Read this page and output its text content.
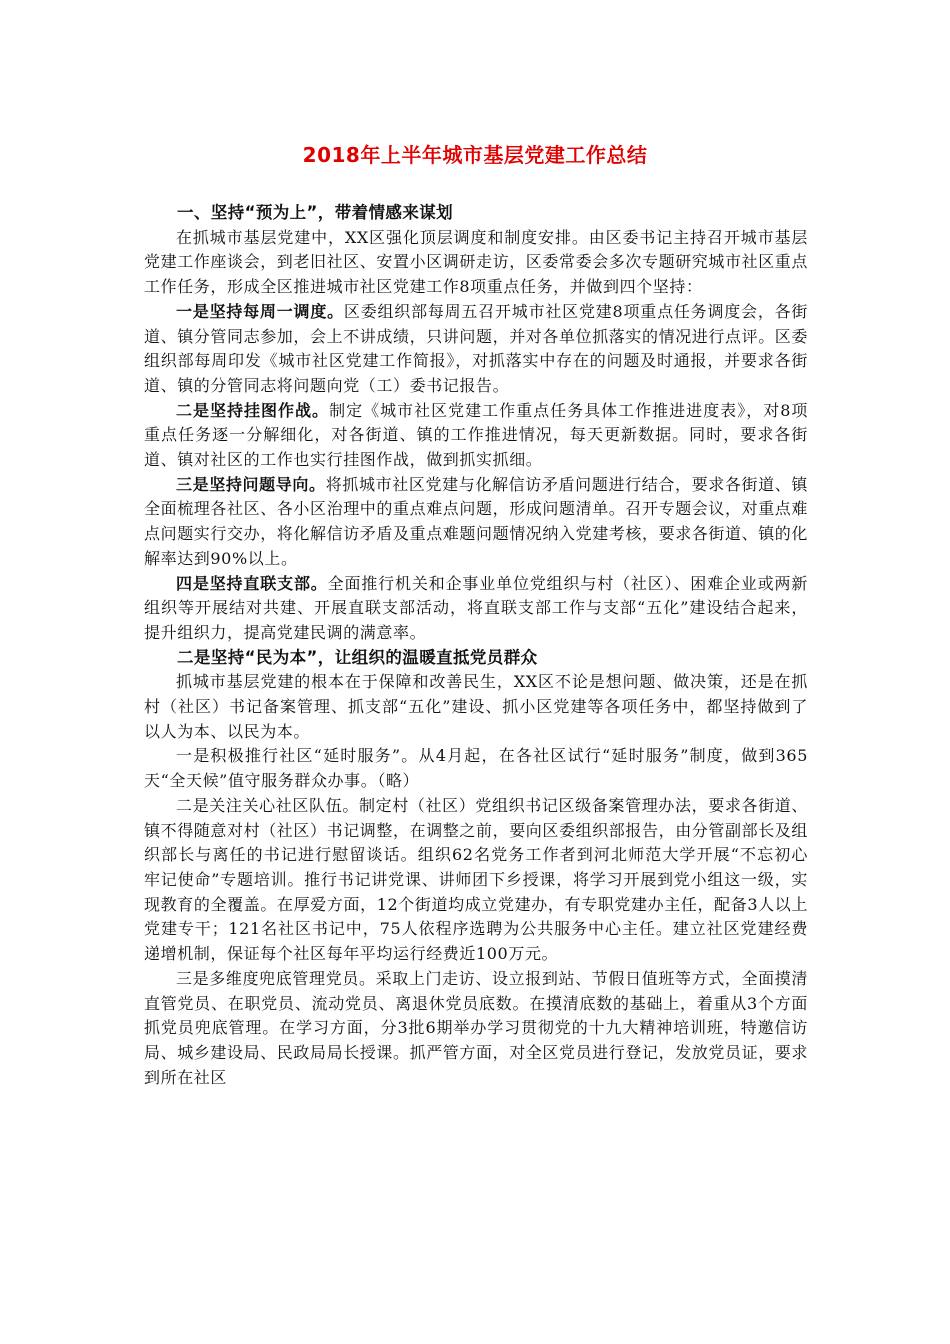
2018年上半年城市基层党建工作总结
一、坚持“预为上”，带着情感来谋划

在抓城市基层党建中，XX区强化顶层调度和制度安排。由区委书记主持召开城市基层党建工作座谈会，到老旧社区、安置小区调研走访，区委常委会多次专题研究城市社区重点工作任务，形成全区推进城市社区党建工作8项重点任务，并做到四个坚持：

一是坚持每周一调度。区委组织部每周五召开城市社区党建8项重点任务调度会，各街道、镇分管同志参加，会上不讲成绩，只讲问题，并对各单位抓落实的情况进行点评。区委组织部每周印发《城市社区党建工作简报》，对抓落实中存在的问题及时通报，并要求各街道、镇的分管同志将问题向党（工）委书记报告。

二是坚持挂图作战。制定《城市社区党建工作重点任务具体工作推进进度表》，对8项重点任务逐一分解细化，对各街道、镇的工作推进情况，每天更新数据。同时，要求各街道、镇对社区的工作也实行挂图作战，做到抓实抓细。

三是坚持问题导向。将抓城市社区党建与化解信访矛盾问题进行结合，要求各街道、镇全面梳理各社区、各小区治理中的重点难点问题，形成问题清单。召开专题会议，对重点难点问题实行交办，将化解信访矛盾及重点难题问题情况纳入党建考核，要求各街道、镇的化解率达到90%以上。

四是坚持直联支部。全面推行机关和企事业单位党组织与村（社区）、困难企业或两新组织等开展结对共建、开展直联支部活动，将直联支部工作与支部“五化”建设结合起来，提升组织力，提高党建民调的满意率。

二是坚持“民为本”，让组织的温暖直抵党员群众

抓城市基层党建的根本在于保障和改善民生，XX区不论是想问题、做决策，还是在抓村（社区）书记备案管理、抓支部“五化”建设、抓小区党建等各项任务中，都坚持做到了以人为本、以民为本。

一是积极推行社区“延时服务”。从4月起，在各社区试行“延时服务”制度，做到365天“全天候”值守服务群众办事。（略）

二是关注关心社区队伍。制定村（社区）党组织书记区级备案管理办法，要求各街道、镇不得随意对村（社区）书记调整，在调整之前，要向区委组织部报告，由分管副部长及组织部长与离任的书记进行慰留谈话。组织62名党务工作者到河北师范大学开展“不忘初心 牢记使命”专题培训。推行书记讲党课、讲师团下乡授课，将学习开展到党小组这一级，实现教育的全覆盖。在厚爱方面，12个街道均成立党建办，有专职党建办主任，配备3人以上党建专干；121名社区书记中，75人依程序选聘为公共服务中心主任。建立社区党建经费递增机制，保证每个社区每年平均运行经费近100万元。

三是多维度兜底管理党员。采取上门走访、设立报到站、节假日值班等方式，全面摸清直管党员、在职党员、流动党员、离退休党员底数。在摸清底数的基础上，着重从3个方面抓党员兜底管理。在学习方面，分3批6期举办学习贯彻党的十九大精神培训班，特邀信访局、城乡建设局、民政局局长授课。抓严管方面，对全区党员进行登记，发放党员证，要求到所在社区
